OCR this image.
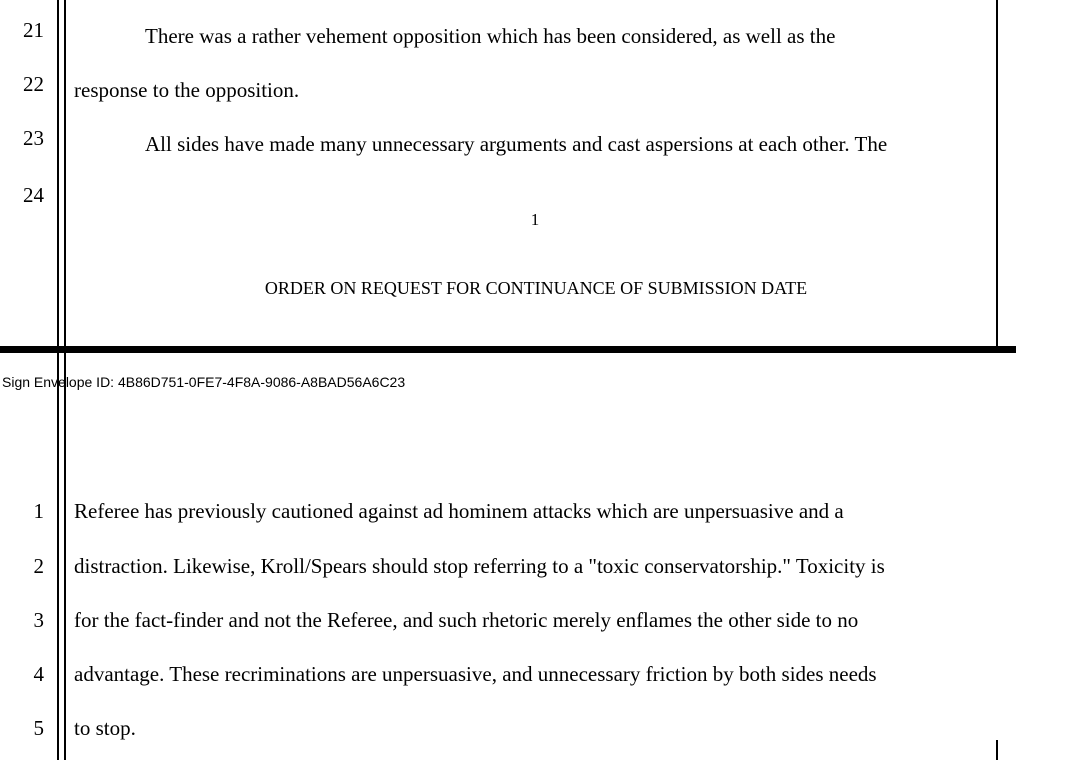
21	There was a rather vehement opposition which has been considered, as well as the
22 response to the opposition.
23	All sides have made many unnecessary arguments and cast aspersions at each other. The
24
1
ORDER ON REQUEST FOR CONTINUANCE OF SUBMISSION DATE
Sign Envelope ID: 4B86D751-0FE7-4F8A-9086-A8BAD56A6C23
1 Referee has previously cautioned against ad hominem attacks which are unpersuasive and a
2 distraction. Likewise, Kroll/Spears should stop referring to a "toxic conservatorship." Toxicity is
3 for the fact-finder and not the Referee, and such rhetoric merely enflames the other side to no
4 advantage. These recriminations are unpersuasive, and unnecessary friction by both sides needs
5 to stop.
